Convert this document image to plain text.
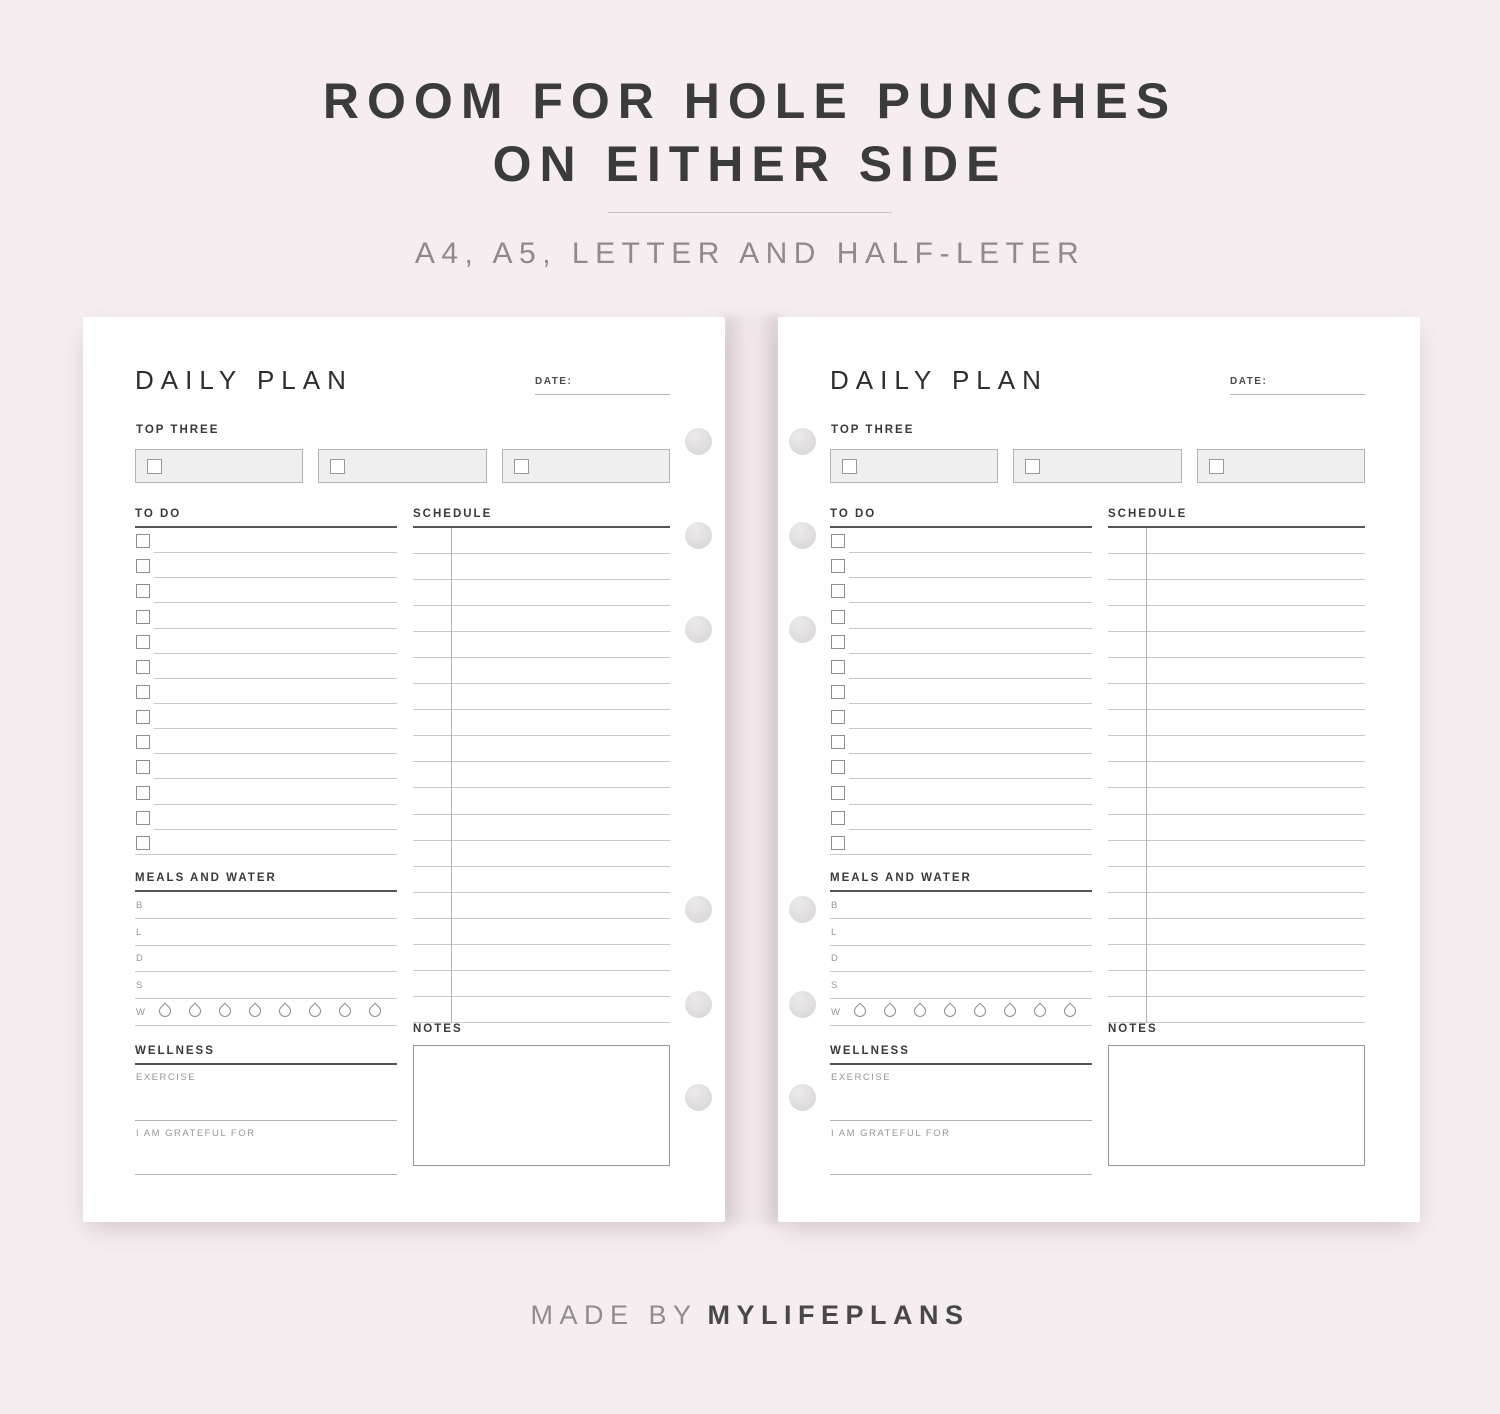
ROOM FOR HOLE PUNCHES
ON EITHER SIDE
A4, A5, LETTER AND HALF-LETER
DAILY PLAN	DATE:
TOP THREE
TO DO	SCHEDULE
MEALS AND WATER
B
L
D
S
W
WELLNESS
EXERCISE
I AM GRATEFUL FOR
NOTES
DAILY PLAN	DATE:
TOP THREE
TO DO	SCHEDULE
MEALS AND WATER
B
L
D
S
W
WELLNESS
EXERCISE
I AM GRATEFUL FOR
NOTES
MADE BY MYLIFEPLANS
